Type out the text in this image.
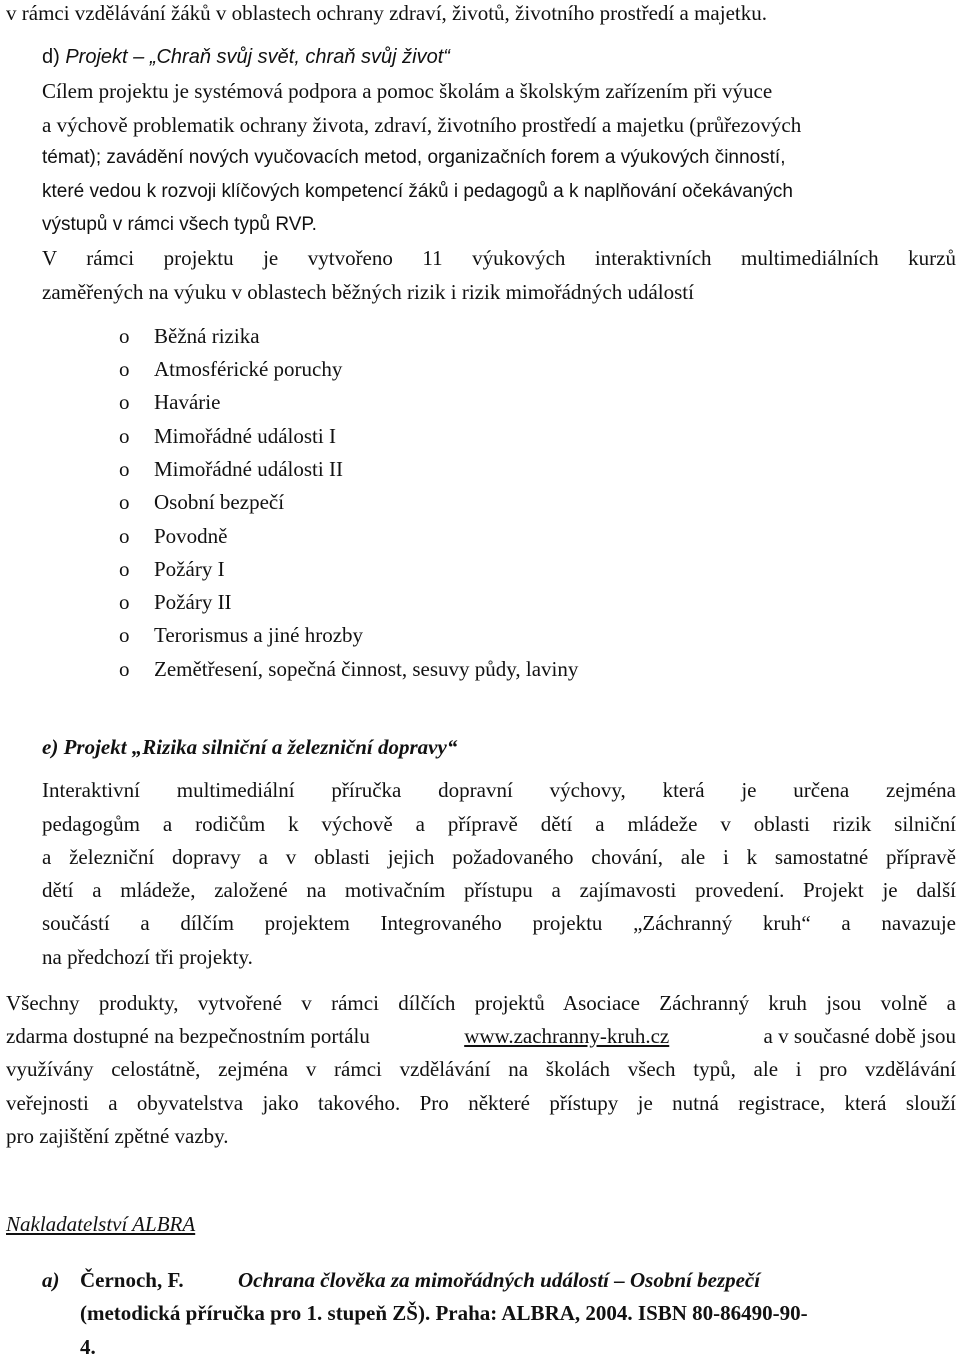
v rámci vzdělávání žáků v oblastech ochrany zdraví, životů, životního prostředí a majetku.
d) Projekt – „Chraň svůj svět, chraň svůj život“
Cílem projektu je systémová podpora a pomoc školám a školským zařízením při výuce
a výchově problematik ochrany života, zdraví, životního prostředí a majetku (průřezových
témat); zavádění nových vyučovacích metod, organizačních forem a výukových činností,
které vedou k rozvoji klíčových kompetencí žáků i pedagogů a k naplňování očekávaných
výstupů v rámci všech typů RVP.
V rámci projektu je vytvořeno 11 výukových interaktivních multimediálních kurzů
zaměřených na výuku v oblastech běžných rizik i rizik mimořádných událostí
o Běžná rizika
o Atmosférické poruchy
o Havárie
o Mimořádné události I
o Mimořádné události II
o Osobní bezpečí
o Povodně
o Požáry I
o Požáry II
o Terorismus a jiné hrozby
o Zemětřesení, sopečná činnost, sesuvy půdy, laviny
e) Projekt „Rizika silniční a železniční dopravy“
Interaktivní multimediální příručka dopravní výchovy, která je určena zejména
pedagogům a rodičům k výchově a přípravě dětí a mládeže v oblasti rizik silniční
a železniční dopravy a v oblasti jejich požadovaného chování, ale i k samostatné přípravě
dětí a mládeže, založené na motivačním přístupu a zajímavosti provedení. Projekt je další
součástí a dílčím projektem Integrovaného projektu „Záchranný kruh“ a navazuje
na předchozí tři projekty.
Všechny produkty, vytvořené v rámci dílčích projektů Asociace Záchranný kruh jsou volně a
zdarma dostupné na bezpečnostním portálu	www.zachranny-kruh.cz	a v současné době jsou
využívány celostátně, zejména v rámci vzdělávání na školách všech typů, ale i pro vzdělávání
veřejnosti a obyvatelstva jako takového. Pro některé přístupy je nutná registrace, která slouží
pro zajištění zpětné vazby.
Nakladatelství ALBRA
a) Černoch, F.	Ochrana člověka za mimořádných událostí – Osobní bezpečí
(metodická příručka pro 1. stupeň ZŠ). Praha: ALBRA, 2004. ISBN 80-86490-90-
4.
